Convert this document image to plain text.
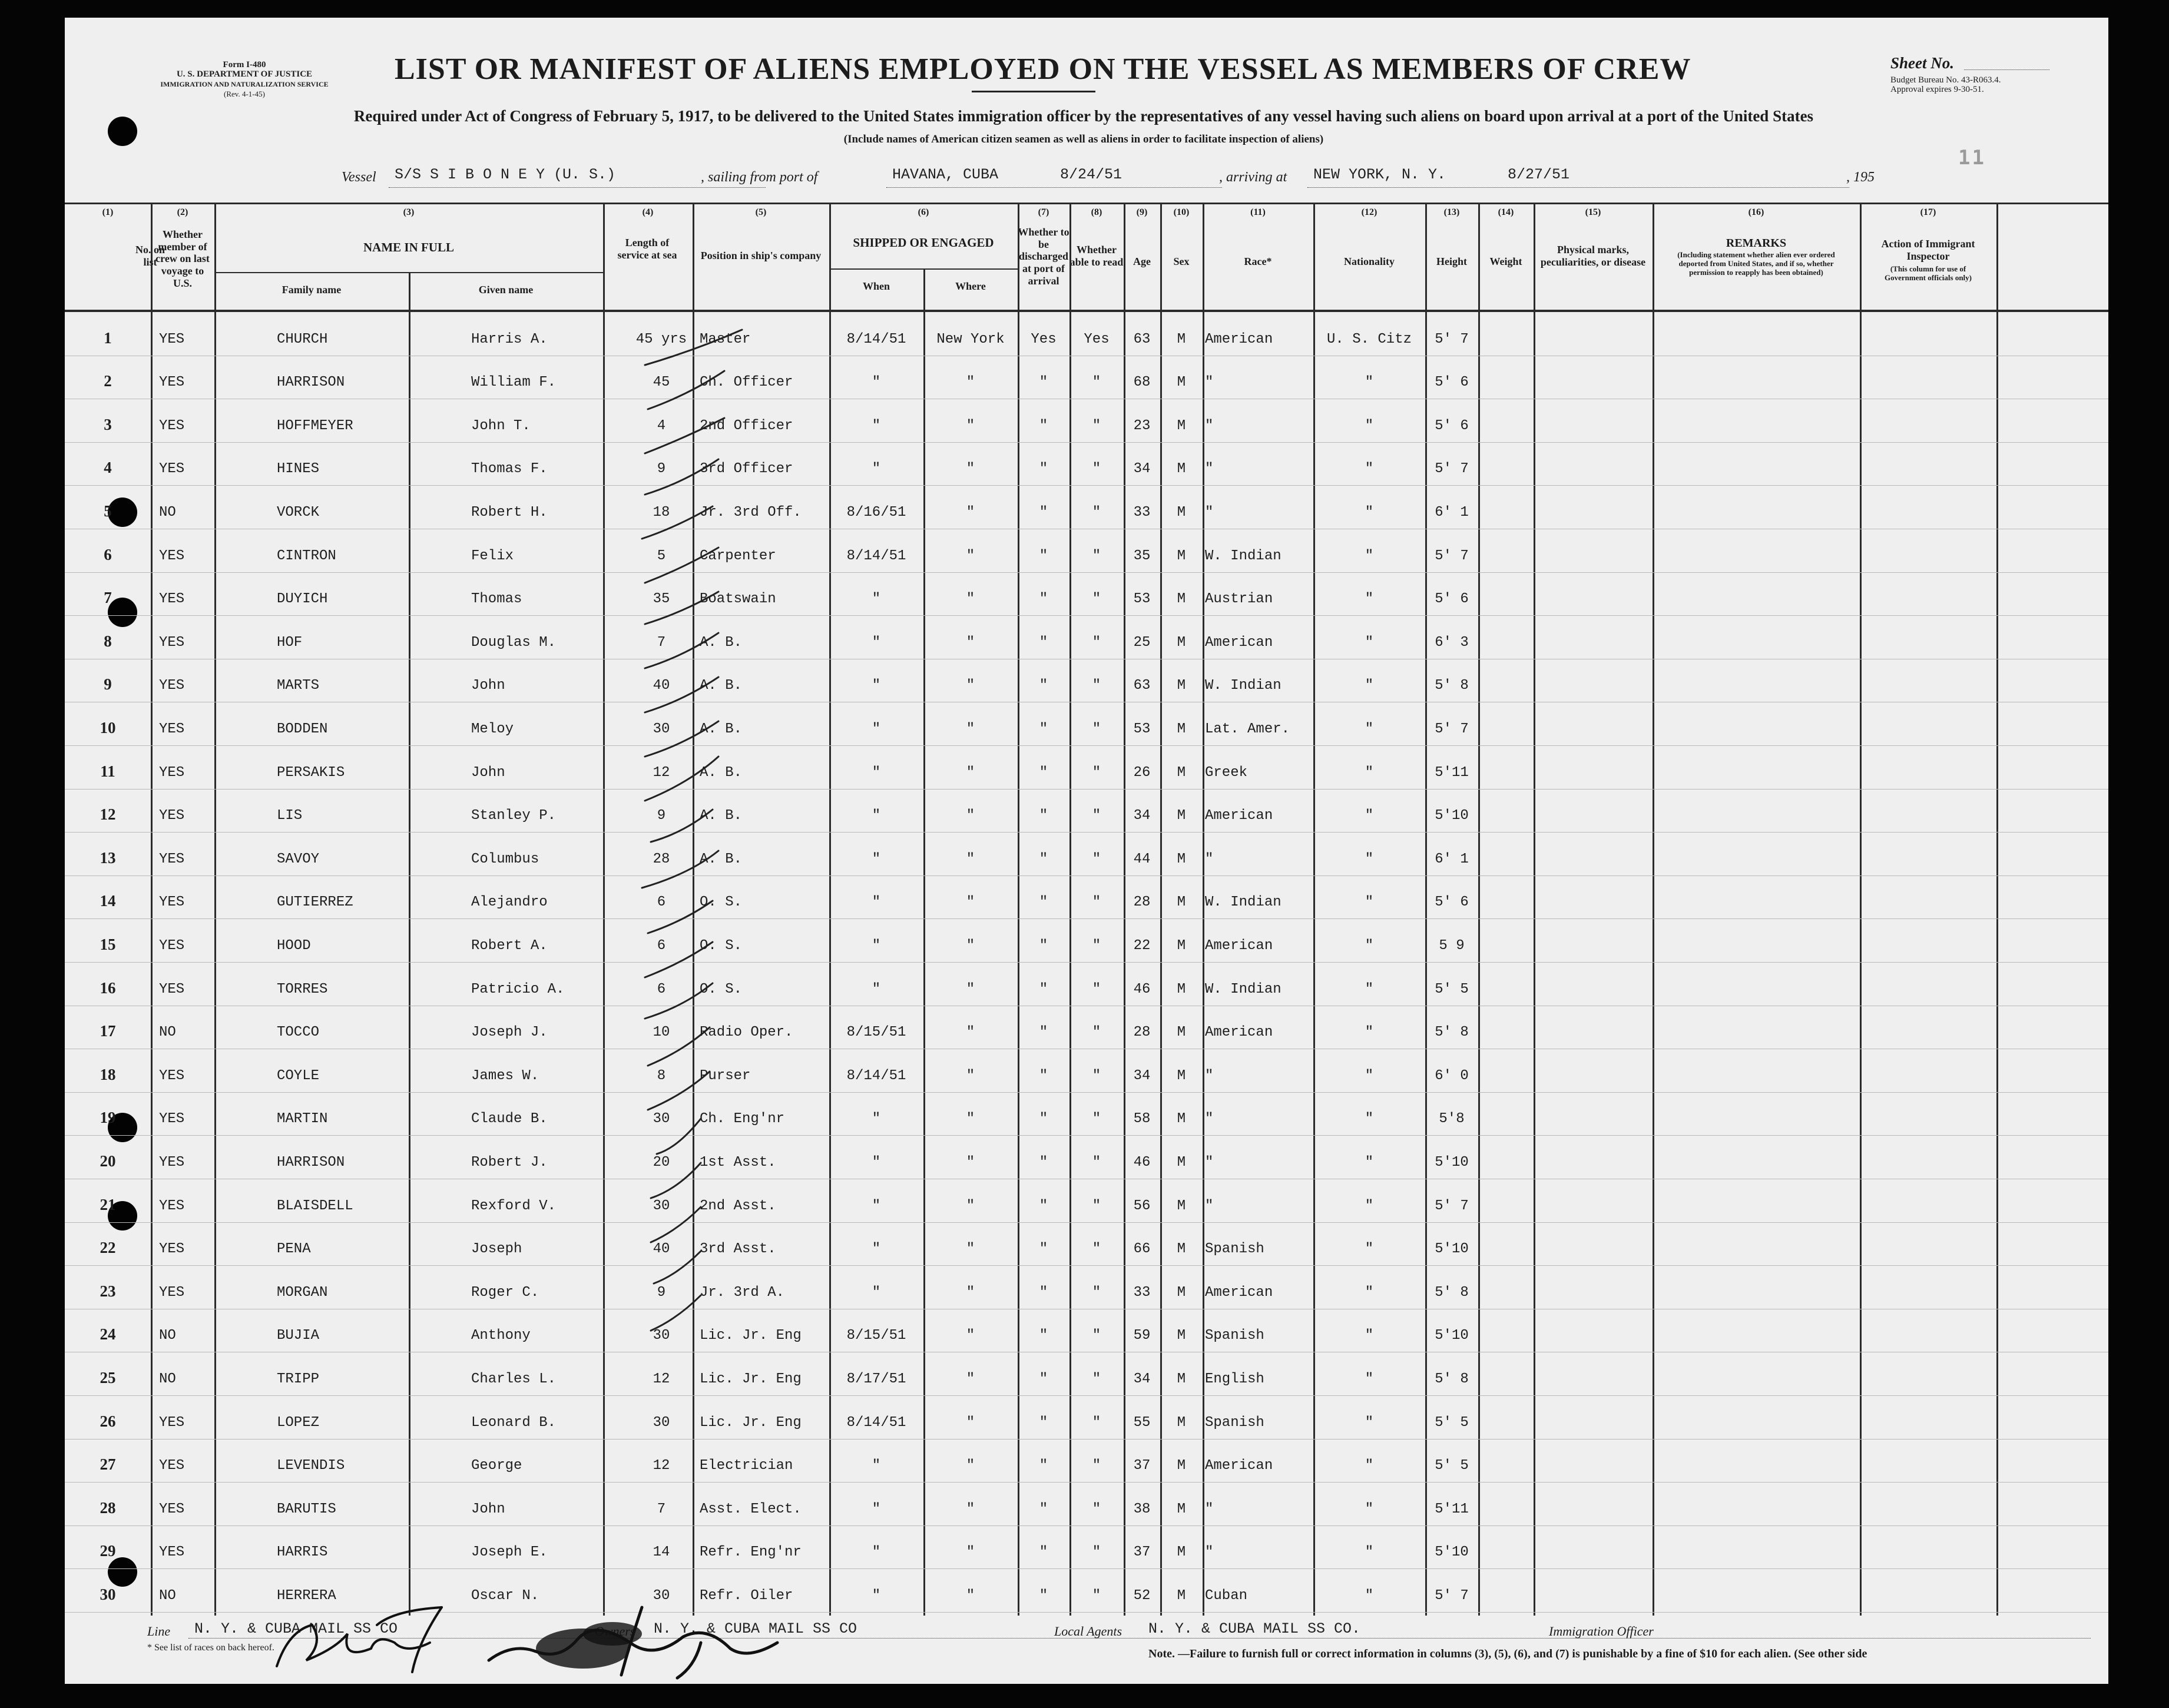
Form I-480
U. S. DEPARTMENT OF JUSTICE
IMMIGRATION AND NATURALIZATION SERVICE
(Rev. 4-1-45)
LIST OR MANIFEST OF ALIENS EMPLOYED ON THE VESSEL AS MEMBERS OF CREW	Sheet No.
Budget Bureau No. 43-R063.4.
Approval expires 9-30-51.
11
Required under Act of Congress of February 5, 1917, to be delivered to the United States immigration officer by the representatives of any vessel having such aliens on board upon arrival at a port of the United States
(Include names of American citizen seamen as well as aliens in order to facilitate inspection of aliens)
Vessel S/S S I B O N E Y (U. S.)	, sailing from port of	HAVANA, CUBA	8/24/51	, arriving at NEW YORK, N. Y.	8/27/51	, 195
(1)	(2)	(3)	(4)	(5)	(6)	(7)	(8)	(9)	(10)	(11)	(12)	(13)	(14)	(15)	(16)	(17)
No. on list
Whether member of crew on last voyage to U.S.
NAME IN FULL
Family name	Given name
Length of service at sea Position in ship's company
SHIPPED OR ENGAGED
When	Where
Whether to be discharged at port of arrival
Whether able to read Age	Sex	Race*	Nationality	Height	Weight
Physical marks, peculiarities, or disease
REMARKS
(Including statement whether alien ever ordered deported from United States, and if so, whether permission to reapply has been obtained)
Action of Immigrant Inspector
(This column for use of Government officials only)
1	YES	CHURCH	Harris A.	45 yrs Master	8/14/51	New York	Yes	Yes	63	M	American	U. S. Citz	5' 7
2	YES	HARRISON	William F.	45	Ch. Officer	"	"	"	"	68	M	"	"	5' 6
3	YES	HOFFMEYER	John T.	4	2nd Officer	"	"	"	"	23	M	"	"	5' 6
4	YES	HINES	Thomas F.	9	3rd Officer	"	"	"	"	34	M	"	"	5' 7
5	NO	VORCK	Robert H.	18	Jr. 3rd Off.	8/16/51	"	"	"	33	M	"	"	6' 1
6	YES	CINTRON	Felix	5	Carpenter	8/14/51	"	"	"	35	M	W. Indian	"	5' 7
7	YES	DUYICH	Thomas	35	Boatswain	"	"	"	"	53	M	Austrian	"	5' 6
8	YES	HOF	Douglas M.	7	A. B.	"	"	"	"	25	M	American	"	6' 3
9	YES	MARTS	John	40	A. B.	"	"	"	"	63	M	W. Indian	"	5' 8
10	YES	BODDEN	Meloy	30	A. B.	"	"	"	"	53	M	Lat. Amer.	"	5' 7
11	YES	PERSAKIS	John	12	A. B.	"	"	"	"	26	M	Greek	"	5'11
12	YES	LIS	Stanley P.	9	A. B.	"	"	"	"	34	M	American	"	5'10
13	YES	SAVOY	Columbus	28	A. B.	"	"	"	"	44	M	"	"	6' 1
14	YES	GUTIERREZ	Alejandro	6	O. S.	"	"	"	"	28	M	W. Indian	"	5' 6
15	YES	HOOD	Robert A.	6	O. S.	"	"	"	"	22	M	American	"	5 9
16	YES	TORRES	Patricio A.	6	O. S.	"	"	"	"	46	M	W. Indian	"	5' 5
17	NO	TOCCO	Joseph J.	10	Radio Oper.	8/15/51	"	"	"	28	M	American	"	5' 8
18	YES	COYLE	James W.	8	Purser	8/14/51	"	"	"	34	M	"	"	6' 0
19	YES	MARTIN	Claude B.	30	Ch. Eng'nr	"	"	"	"	58	M	"	"	5'8
20	YES	HARRISON	Robert J.	20	1st Asst.	"	"	"	"	46	M	"	"	5'10
21	YES	BLAISDELL	Rexford V.	30	2nd Asst.	"	"	"	"	56	M	"	"	5' 7
22	YES	PENA	Joseph	40	3rd Asst.	"	"	"	"	66	M	Spanish	"	5'10
23	YES	MORGAN	Roger C.	9	Jr. 3rd A.	"	"	"	"	33	M	American	"	5' 8
24	NO	BUJIA	Anthony	30	Lic. Jr. Eng	8/15/51	"	"	"	59	M	Spanish	"	5'10
25	NO	TRIPP	Charles L.	12	Lic. Jr. Eng	8/17/51	"	"	"	34	M	English	"	5' 8
26	YES	LOPEZ	Leonard B.	30	Lic. Jr. Eng	8/14/51	"	"	"	55	M	Spanish	"	5' 5
27	YES	LEVENDIS	George	12	Electrician	"	"	"	"	37	M	American	"	5' 5
28	YES	BARUTIS	John	7	Asst. Elect.	"	"	"	"	38	M	"	"	5'11
29	YES	HARRIS	Joseph E.	14	Refr. Eng'nr	"	"	"	"	37	M	"	"	5'10
30	NO	HERRERA	Oscar N.	30	Refr. Oiler	"	"	"	"	52	M	Cuban	"	5' 7
Line N. Y. & CUBA MAIL SS CO	N. Y. & CUBA MAIL SS CO	Local Agents N. Y. & CUBA MAIL SS CO.	Immigration Officer
* See list of races on back hereof.	Note. —Failure to furnish full or correct information in columns (3), (5), (6), and (7) is punishable by a fine of $10 for each alien. (See other side
